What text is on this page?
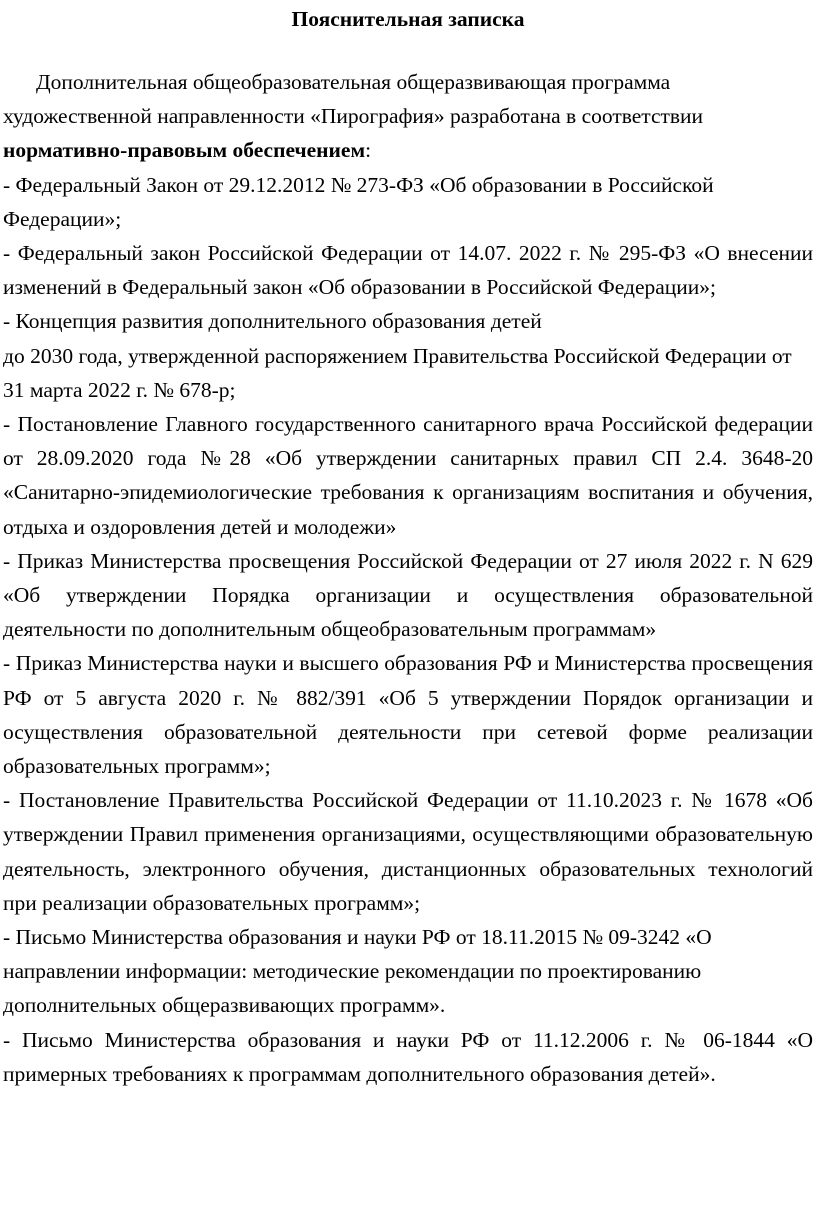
Пояснительная записка

Дополнительная общеобразовательная общеразвивающая программа художественной направленности «Пирография» разработана в соответствии нормативно-правовым обеспечением:

- Федеральный Закон от 29.12.2012 № 273-ФЗ «Об образовании в Российской Федерации»;

- Федеральный закон Российской Федерации от 14.07. 2022 г. № 295-ФЗ «О внесении изменений в Федеральный закон «Об образовании в Российской Федерации»;

- Концепция развития дополнительного образования детей

до 2030 года, утвержденной распоряжением Правительства Российской Федерации от 31 марта 2022 г. № 678-р;

- Постановление Главного государственного санитарного врача Российской федерации от 28.09.2020 года №28 «Об утверждении санитарных правил СП 2.4. 3648-20 «Санитарно-эпидемиологические требования к организациям воспитания и обучения, отдыха и оздоровления детей и молодежи»

- Приказ Министерства просвещения Российской Федерации от 27 июля 2022 г. N 629 «Об утверждении Порядка организации и осуществления образовательной деятельности по дополнительным общеобразовательным программам»

- Приказ Министерства науки и высшего образования РФ и Министерства просвещения РФ от 5 августа 2020 г. № 882/391 «Об 5 утверждении Порядок организации и осуществления образовательной деятельности при сетевой форме реализации образовательных программ»;

- Постановление Правительства Российской Федерации от 11.10.2023 г. № 1678 «Об утверждении Правил применения организациями, осуществляющими образовательную деятельность, электронного обучения, дистанционных образовательных технологий при реализации образовательных программ»;

- Письмо Министерства образования и науки РФ от 18.11.2015 № 09-3242 «О направлении информации: методические рекомендации по проектированию дополнительных общеразвивающих программ».

- Письмо Министерства образования и науки РФ от 11.12.2006 г. № 06-1844 «О примерных требованиях к программам дополнительного образования детей».
